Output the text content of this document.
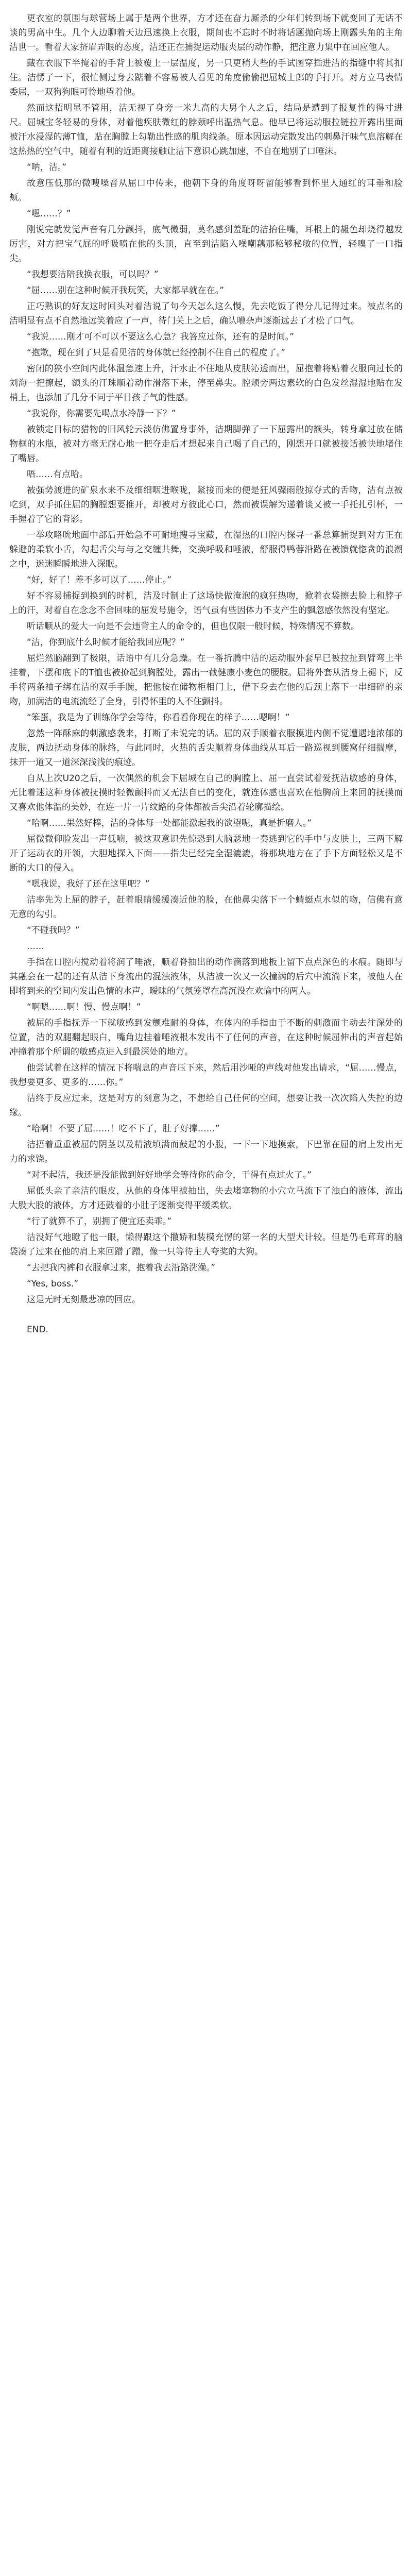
更衣室的氛围与球营场上属于是两个世界，方才还在奋力厮杀的少年们转到场下就变回了无话不谈的男高中生。几个人边聊着天边迅速换上衣服，期间也不忘时不时将话题抛向场上刚露头角的主角洁世一。看着大家挤眉弄眼的态度，洁还正在捕捉运动服夹层的动作静，把注意力集中在回应他人。

藏在衣服下半掩着的手背上被覆上一层温度，另一只更稍大些的手试图穿插进洁的指缝中将其扣住。洁愣了一下，很忙侧过身去踮着不容易被人看见的角度偷偷把屈城士郎的手打开。对方立马表情委屈，一双狗狗眼可怜地望着他。

然而这招明显不管用，洁无视了身旁一米九高的大男个人之后，结局是遭到了报复性的得寸进尺。屈城宝冬轻易的身体，对着他疾肤微红的脖颈呼出温热气息。他早已将运动服拉链拉开露出里面被汗水浸湿的薄T恤，贴在胸膛上勾勒出性感的肌肉线条。原本因运动完散发出的刺鼻汗味气息溶解在这热热的空气中，随着有利的近距离接触让洁下意识心跳加速，不自在地别了口唾沫。

“呐，洁。”

故意压低那的微嗖嗓音从屈口中传来，他朝下身的角度呀呀留能够看到怀里人通红的耳垂和脸颊。

“嗯……？”

刚说完就发觉声音有几分颤抖，底气微弱，莫名感到羞耻的洁抬住嘴，耳根上的赧色却烧得越发厉害，对方把宝气屁的呼吸喷在他的头顶，直至到洁陷入噪嘲藕那秘够秘敏的位置，轻嗅了一口指尖。

“我想要洁陪我换衣服，可以吗？”

“屈……别在这种时候开我玩笑，大家都早就在在。”

正巧熟识的好友这时回头对着洁说了句今天怎么这么慢，先去吃饭了得分儿记得过来。被点名的洁明显有点不自然地远笑着应了一声，待门关上之后，确认嘈杂声逐渐远去了才松了口气。

“我说……刚才可不可以不要这么心急？我答应过你，还有的是时间。”

“抱歉，现在到了只是看见洁的身体就已经控制不住自己的程度了。”

密闭的狭小空间内此体温急速上升，汗水止不住地从皮肤沁透而出，屈抱着将贴着衣服向过长的刘海一把撩起，额头的汗珠顺着动作滑落下来，停至鼻尖。腔颊旁两边素软的白色发丝湿湿地贴在发梢上，也添加了几分不同于平日孩子气的性感。

“我说你，你需要先喝点水冷静一下？”

被锁定目标的猎物的旧风轮云淡仿佛置身事外，洁期脚弹了一下屈露出的额头，转身拿过放在储物框的水瓶，被对方毫无耐心地一把夺走后才想起来自己喝了自己的，刚想开口就被接话被快地堵住了嘴唇。

唔……有点哈。

被强势渡进的矿泉水来不及细细咽进喉咙，紧接而来的便是狂风骤雨般掠夺式的舌吻，洁有点被吃到，双手抓住屈的胸膛想要推开，却被对方彼此心口，然而被误解为递着谈又被一手托扎引杯，一手握着了它的背影。

一举攻略吮地面中部后开始急不可耐地搜寻宝藏，在湿热的口腔内探寻一番总算捕捉到对方正在躲避的柔软小舌，勾起舌尖与与之交缠共舞，交换呼吸和唾液，舒服得鸭蓉沿路在被馈就惚贪的浪潮之中，迷迷瞬瞬地进入深眠。

“好，好了！差不多可以了……停止。”

好不容易捕捉到换到的时机，洁及时制止了这场快做淹泡的疯狂热吻，掀着衣袋擦去脸上和脖子上的汗，对着自在念念不舍回味的屈发号施令，语气虽有些因体力不支产生的飘忽感依然没有坚定。

听话顺从的爱大一向是不会违背主人的命令的，但也仅限一般时候，特殊情况不算数。

“洁，你到底什么时候才能给我回应呢？”

屈烂然脑翻到了极限，话语中有几分急躁。在一番折腾中洁的运动服外套早已被拉扯到臂弯上半挂着，下摆和底下的T恤也被撩起到胸膛处，露出一截健康小麦色的腰肢。屈将外套从洁身上褪下，反手将两条袖子绑在洁的双手手腕，把他按在储物柜相门上，借下身去在他的后颈上落下一串细碎的亲吻，加满洁的电流流经了全身，引得怀里的人不住颤抖。

“笨蛋，我是为了训练你学会等待，你看看你现在的样子……嗯啊！”

忽然一阵酥麻的刺激感袭来，打断了未说完的话。屈的双手顺着衣服摸进内侧不觉遭遇地浓郁的皮肤，两边抚动身体的脉络，与此同时，火热的舌尖顺着身体曲线从耳后一路巡视到腰窝仔细揣摩，抹开一道又一道深深浅浅的痕迹。

自从上次U20之后，一次偶然的机会下屈城在自己的胸膛上、屈一直尝试着爱抚洁敏感的身体，无比着迷这种身体被抚摸时轻微颤抖而又无法自已的变化，就连体感也喜欢在他胸前上来回的抚摸而又喜欢他体温的美妙，在连一片一片纹路的身体都被舌尖沿着轮廓描绘。

“哈啊……果然好棒，洁的身体每一处都能激起我的欲望呢，真是折磨人。”

屈微微仰脸发出一声低喃，被这双意识先惊恐到大脑瑟地一奏逃到它的手中与皮肤上，三两下解开了运动衣的开领，大胆地探入下面——指尖已经完全湿漉漉，将那块地方在了手下方面轻松又是不断的大口的侵入。

“嗯我说，我好了还在这里吧？”

洁率先为上屈的脖子，赶着眼睛缓缓凑近他的脸，在他鼻尖落下一个蜻蜓点水似的吻，信佛有意无意的勾引。

“不碰我吗？”

……

手指在口腔内搅动着将润了唾液，顺着脊抽出的动作滴落到地板上留下点点深色的水痕。随即与其融会在一起的还有从洁下身流出的混浊液体，从洁被一次又一次撞满的后穴中流淌下来，被他人在即将到来的空间内发出色情的水声，暧昧的气氛笼罩在高沉没在欢愉中的两人。

“啊嗯……啊！慢、慢点啊！”

被屈的手指抚弄一下就敏感到发颤难耐的身体，在体内的手指由于不断的刺激而主动去往深处的位置，洁的双腿翻起眼白，嘴角边挂着唾液根本发出不了任何的声音，在这种时候屈伸出的声音起始冲撞着那个所谓的敏感点进入到最深处的地方。

他尝试着在这样的情况下将喘息的声音压下来，然后用沙哑的声线对他发出请求，“屈……慢点，我想要更多、更多的……你。”

洁终于反应过来，这是对方的刻意为之，不想给自己任何的空间，想要让我一次次陷入失控的边缘。

“哈啊！不要了屈……！吃不下了，肚子好撑……”

洁捂着重重被屈的阴茎以及精液填满而鼓起的小腹，一下一下地摸索，下巴靠在屈的肩上发出无力的求饶。

“对不起洁，我还是没能做到好好地学会等待你的命令，干得有点过火了。”

屈低头亲了亲洁的眼皮，从他的身体里被抽出，失去堵塞物的小穴立马流下了浊白的液体，流出大股大股的液体，方才还鼓着的小肚子逐渐变得平缓柔软。

“行了就算不了，别拥了便宜还卖乖。”

洁没好气地瞪了他一眼，懒得跟这个撒娇和装模充愣的第一名的大型犬计较。但是仍毛茸茸的脑袋凑了过来在他的肩上来回蹭了蹭，像一只等待主人夸奖的大狗。

“去把我内裤和衣服拿过来，抱着我去沿路洗澡。”

“Yes, boss.”

这是无时无刻最悲凉的回应。

END.
